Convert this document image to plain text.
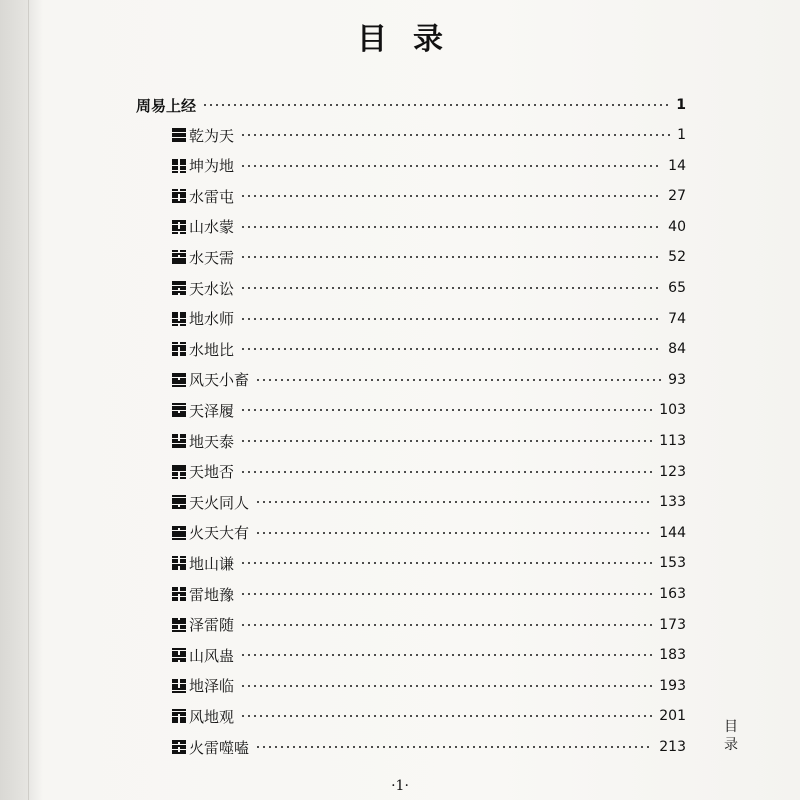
目录
周易上经	1
乾为天	1
坤为地	14
水雷屯	27
山水蒙	40
水天需	52
天水讼	65
地水师	74
水地比	84
风天小畜	93
天泽履	103
地天泰	113
天地否	123
天火同人	133
火天大有	144
地山谦	153
雷地豫	163
泽雷随	173
山风蛊	183
地泽临	193
风地观	201
火雷噬嗑	213
目录
·1·
